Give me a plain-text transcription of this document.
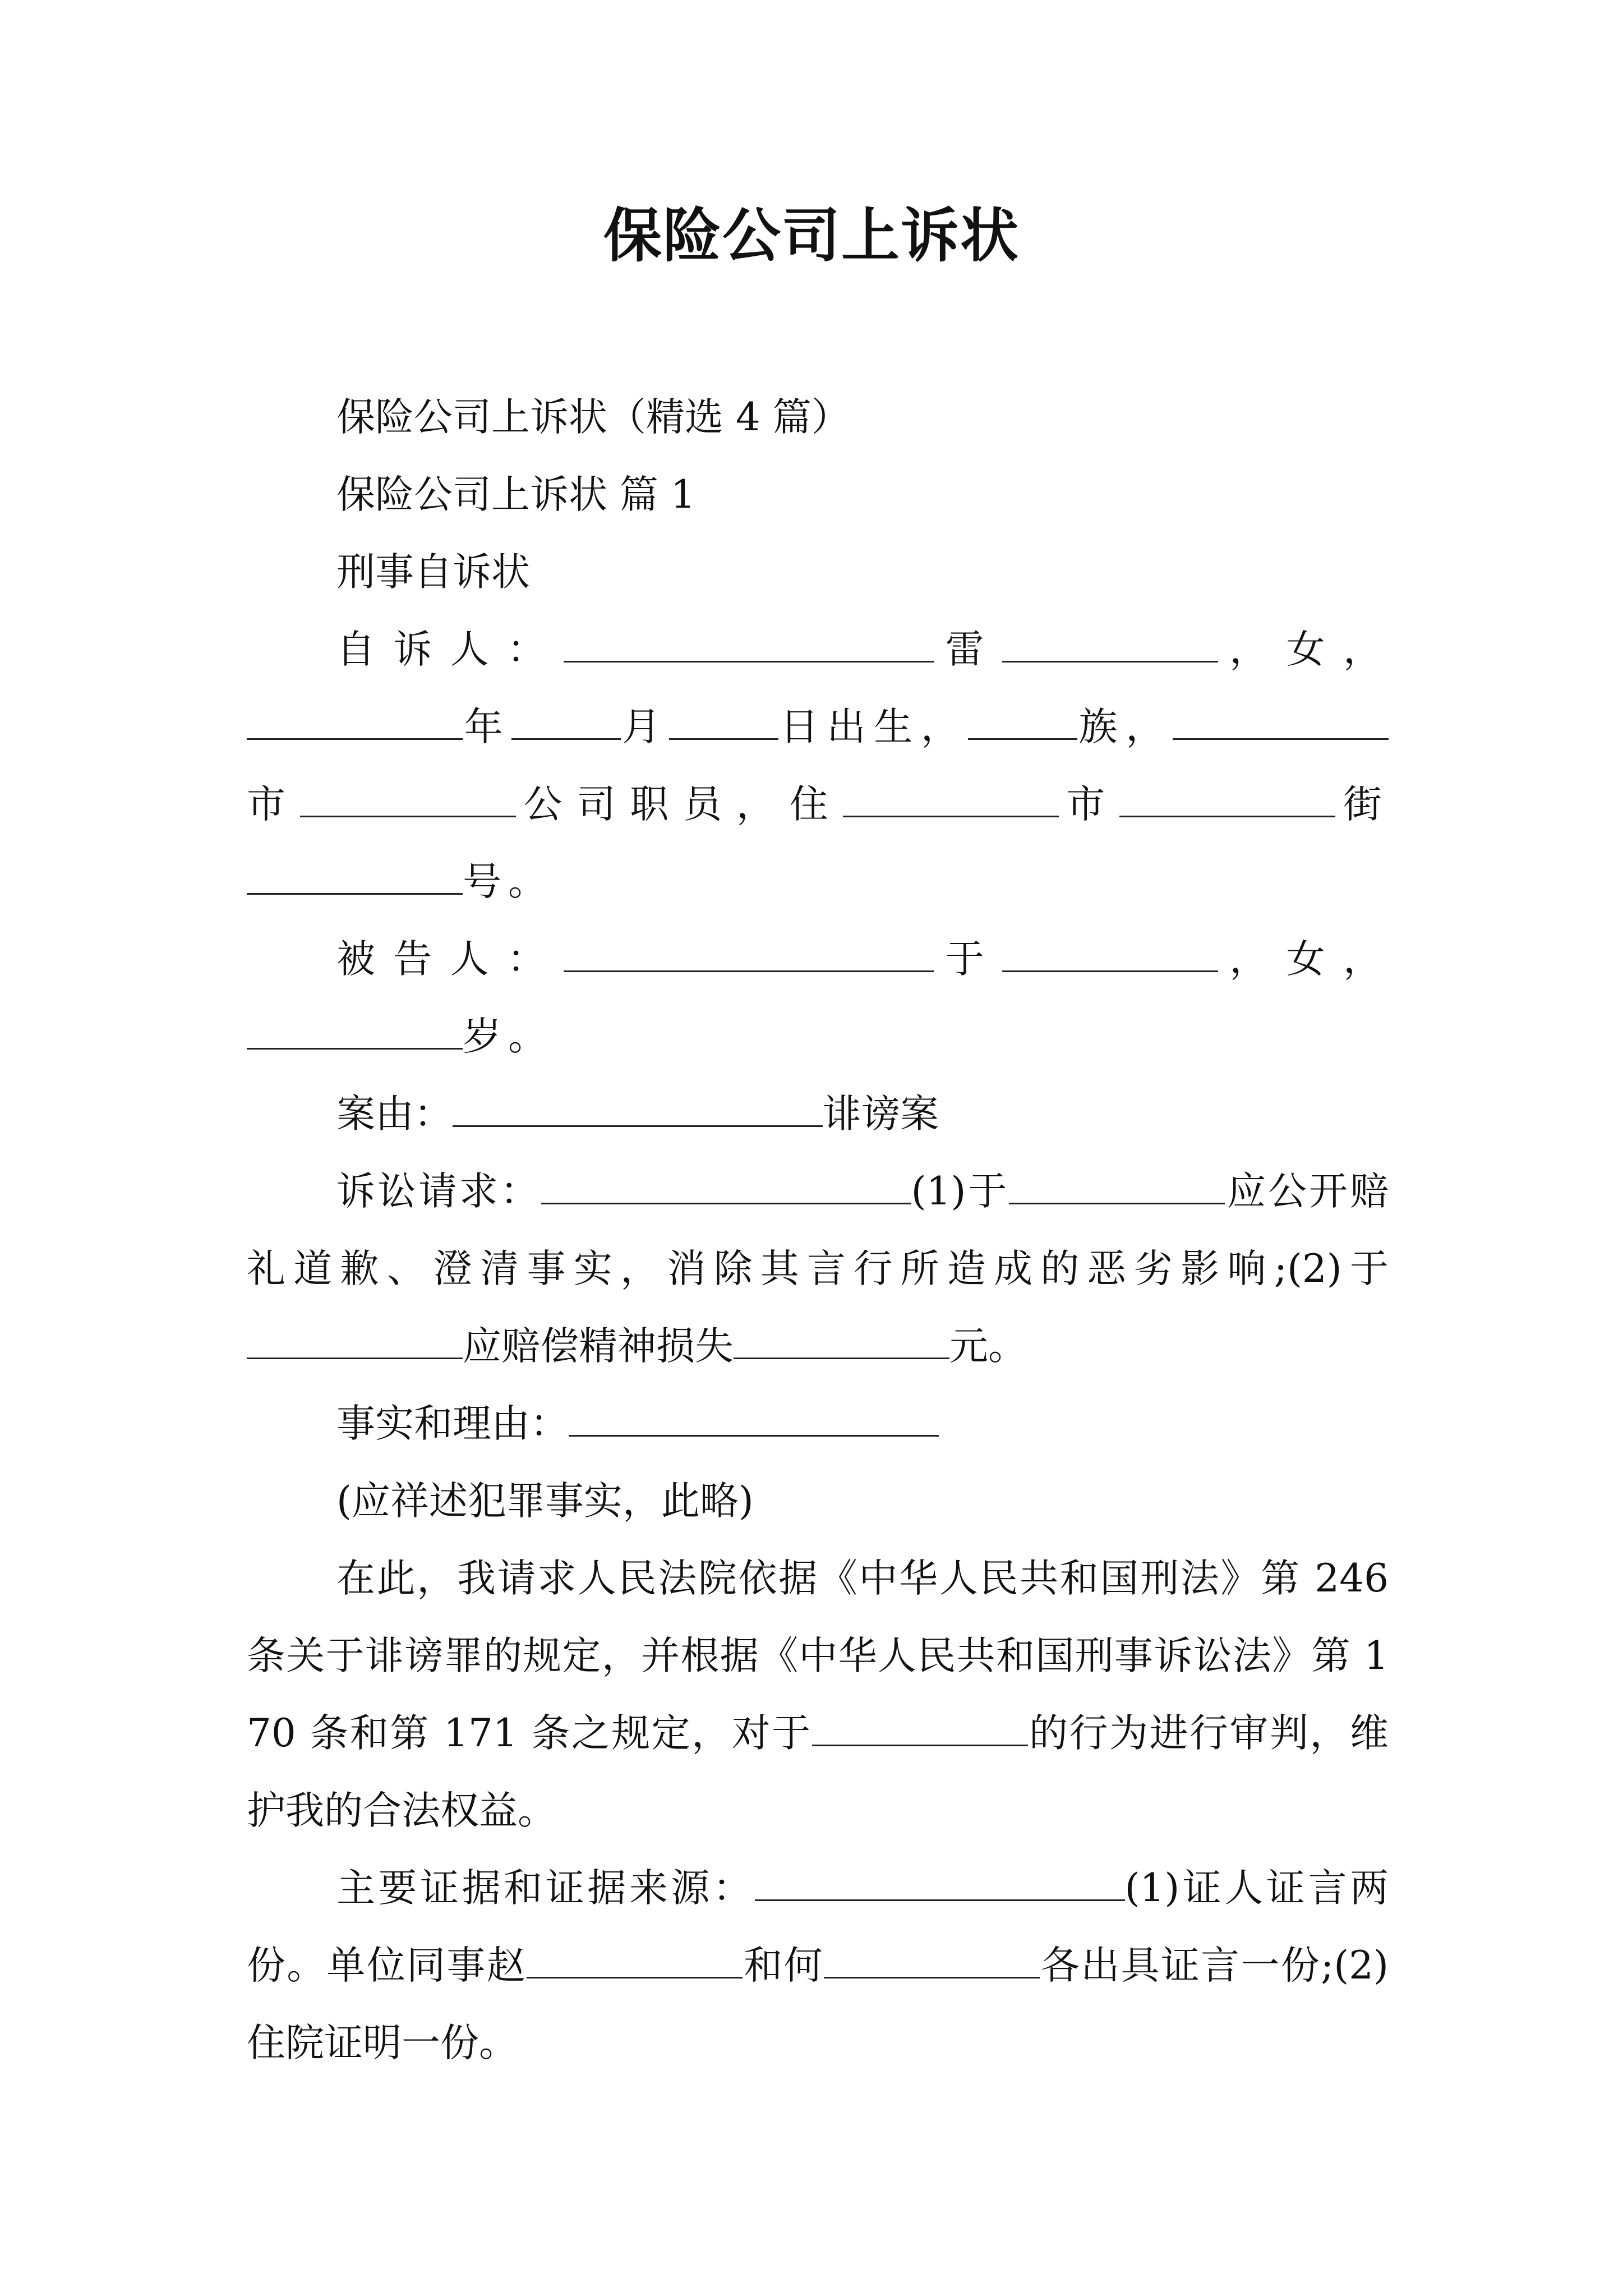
保险公司上诉状

保险公司上诉状（精选 4 篇）

保险公司上诉状 篇 1

刑事自诉状

自诉人：	雷	，女，年	月	日出生，	族，市	公司职员，住	市	街号。

被告人：	于	，女，岁。

案由：	诽谤案

诉讼请求：	(1)于	应公开赔礼道歉、澄清事实，消除其言行所造成的恶劣影响;(2)于应赔偿精神损失	元。

事实和理由：

(应祥述犯罪事实，此略)

在此，我请求人民法院依据《中华人民共和国刑法》第 246 条关于诽谤罪的规定，并根据《中华人民共和国刑事诉讼法》第 170 条和第 171 条之规定，对于	的行为进行审判，维护我的合法权益。

主要证据和证据来源：	(1)证人证言两份。单位同事赵	和何	各出具证言一份;(2)住院证明一份。
